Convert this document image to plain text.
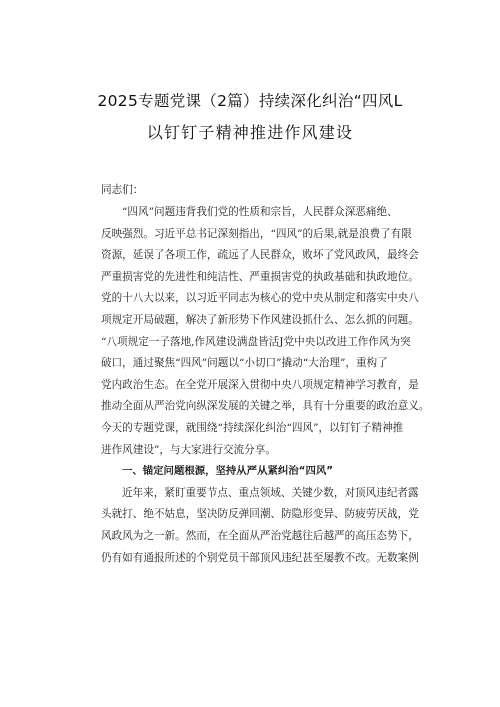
2025专题党课（2篇）持续深化纠治“四风L
以钉钉子精神推进作风建设
同志们：
“四风”问题违背我们党的性质和宗旨，人民群众深恶痛绝、
反映强烈。习近平总书记深刻指出，“四风”的后果,就是浪费了有限
资源，延误了各项工作，疏远了人民群众，败坏了党风政风，最终会
严重损害党的先进性和纯洁性、严重损害党的执政基础和执政地位。
党的十八大以来，以习近平同志为核心的党中央从制定和落实中央八
项规定开局破题，解决了新形势下作风建设抓什么、怎么抓的问题。
“八项规定一子落地,作风建设满盘皆活J党中央以改进工作作风为突
破口，通过聚焦“四风”问题以“小切口”撬动“大治理”，重构了
党内政治生态。在全党开展深入贯彻中央八项规定精神学习教育，是
推动全面从严治党向纵深发展的关键之举，具有十分重要的政治意义。
今天的专题党课，就围绕“持续深化纠治“四风”，以钉钉子精神推
进作风建设”，与大家进行交流分享。
一、锚定问题根源，坚持从严从紧纠治“四风”
近年来，紧盯重要节点、重点领域、关键少数，对顶风违纪者露
头就打、绝不姑息，坚决防反弹回潮、防隐形变异、防疲劳厌战，党
风政风为之一新。然而，在全面从严治党越往后越严的高压态势下，
仍有如有通报所述的个别党员干部顶风违纪甚至屡教不改。无数案例
